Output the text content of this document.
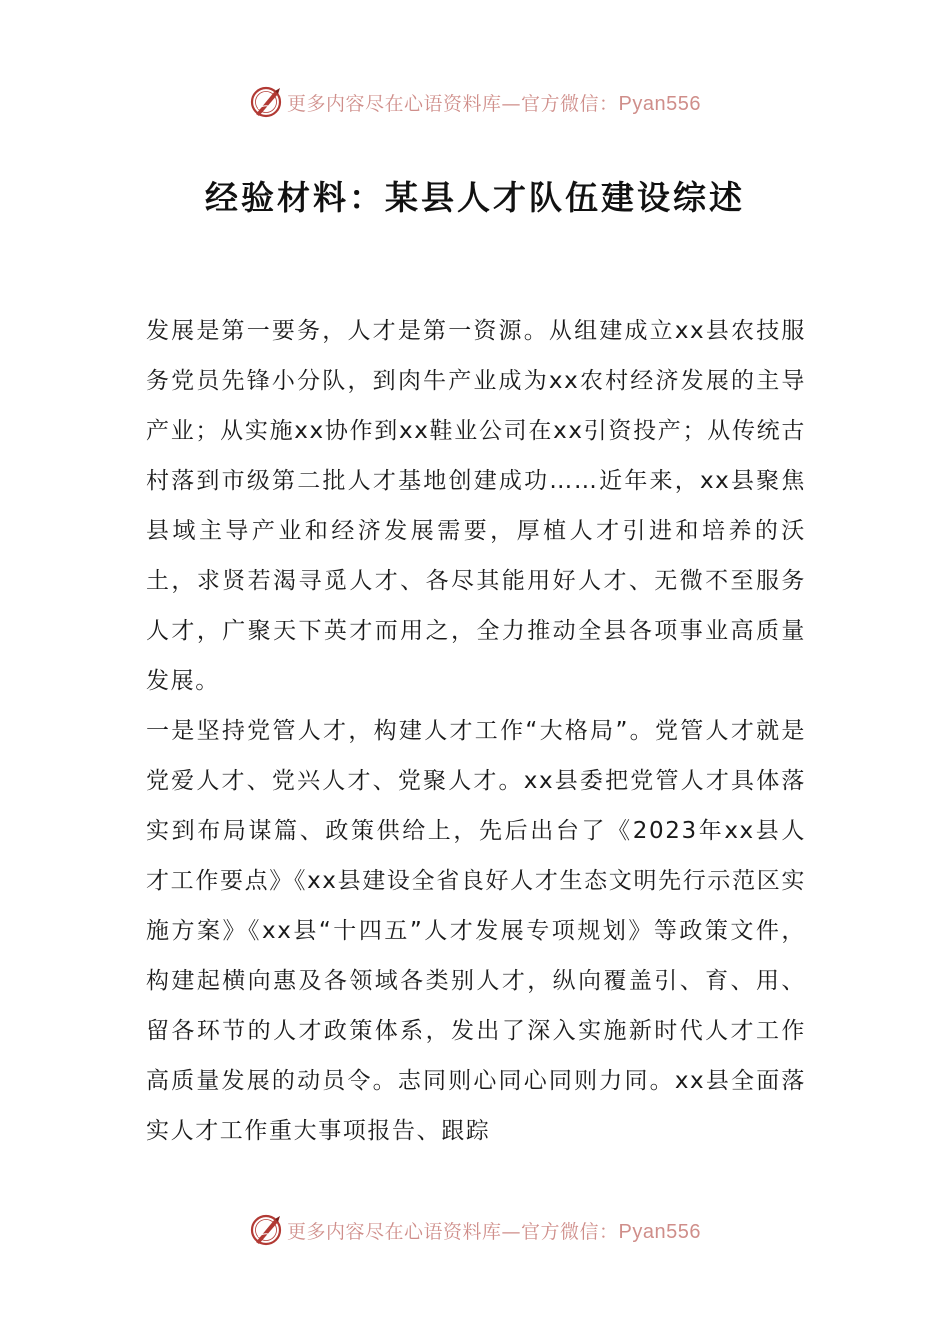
更多内容尽在心语资料库—官方微信：Pyan556
经验材料：某县人才队伍建设综述

发展是第一要务，人才是第一资源。从组建成立xx县农技服务党员先锋小分队，到肉牛产业成为xx农村经济发展的主导产业；从实施xx协作到xx鞋业公司在xx引资投产；从传统古村落到市级第二批人才基地创建成功……近年来，xx县聚焦县域主导产业和经济发展需要，厚植人才引进和培养的沃土，求贤若渴寻觅人才、各尽其能用好人才、无微不至服务人才，广聚天下英才而用之，全力推动全县各项事业高质量发展。

一是坚持党管人才，构建人才工作“大格局”。党管人才就是党爱人才、党兴人才、党聚人才。xx县委把党管人才具体落实到布局谋篇、政策供给上，先后出台了《2023年xx县人才工作要点》《xx县建设全省良好人才生态文明先行示范区实施方案》《xx县“十四五”人才发展专项规划》等政策文件，构建起横向惠及各领域各类别人才，纵向覆盖引、育、用、留各环节的人才政策体系，发出了深入实施新时代人才工作高质量发展的动员令。志同则心同心同则力同。xx县全面落实人才工作重大事项报告、跟踪

更多内容尽在心语资料库—官方微信：Pyan556
